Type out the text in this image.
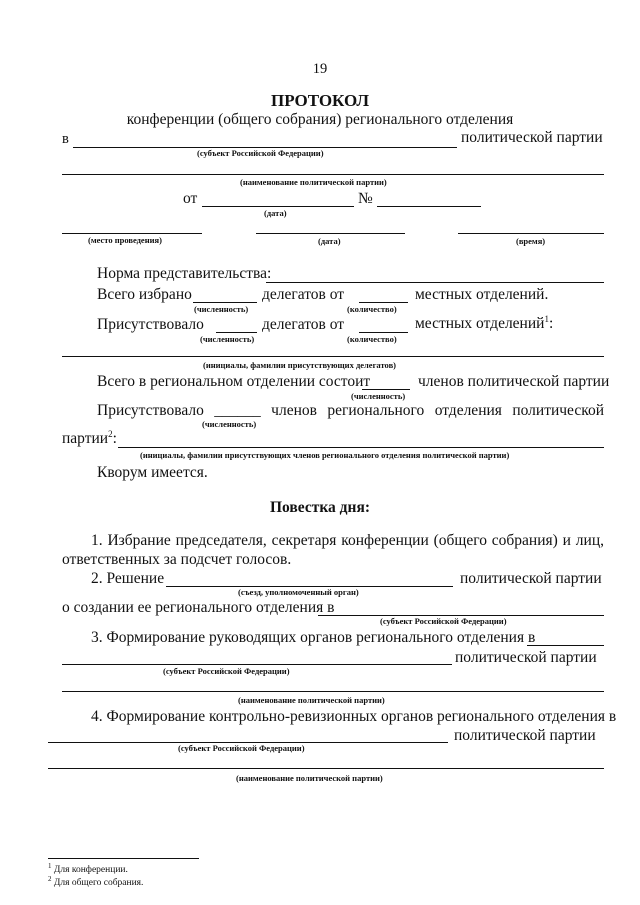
19
ПРОТОКОЛ
конференции (общего собрания) регионального отделения
в	политической партии
(субъект Российской Федерации)
(наименование политической партии)
от	№
(дата)
(место проведения)	(дата)	(время)
Норма представительства:
Всего избрано	делегатов от	местных отделений.
(численность)	(количество)
Присутствовало	делегатов от	местных отделений$^1$:
(численность)	(количество)
(инициалы, фамилии присутствующих делегатов)
Всего в региональном отделении состоит	членов политической партии
(численность)
Присутствовало ______ членов регионального отделения политической
(численность)
партии$^2$:
(инициалы, фамилии присутствующих членов регионального отделения политической партии)
Кворум имеется.
Повестка дня:
1. Избрание председателя, секретаря конференции (общего собрания) и лиц,
ответственных за подсчет голосов.
2. Решение	политической партии
(съезд, уполномоченный орган)
о создании ее регионального отделения в
(субъект Российской Федерации)
3. Формирование руководящих органов регионального отделения в
политической партии
(субъект Российской Федерации)
(наименование политической партии)
4. Формирование контрольно-ревизионных органов регионального отделения в
политической партии
(субъект Российской Федерации)
(наименование политической партии)
$^1$ Для конференции.
$^2$ Для общего собрания.
